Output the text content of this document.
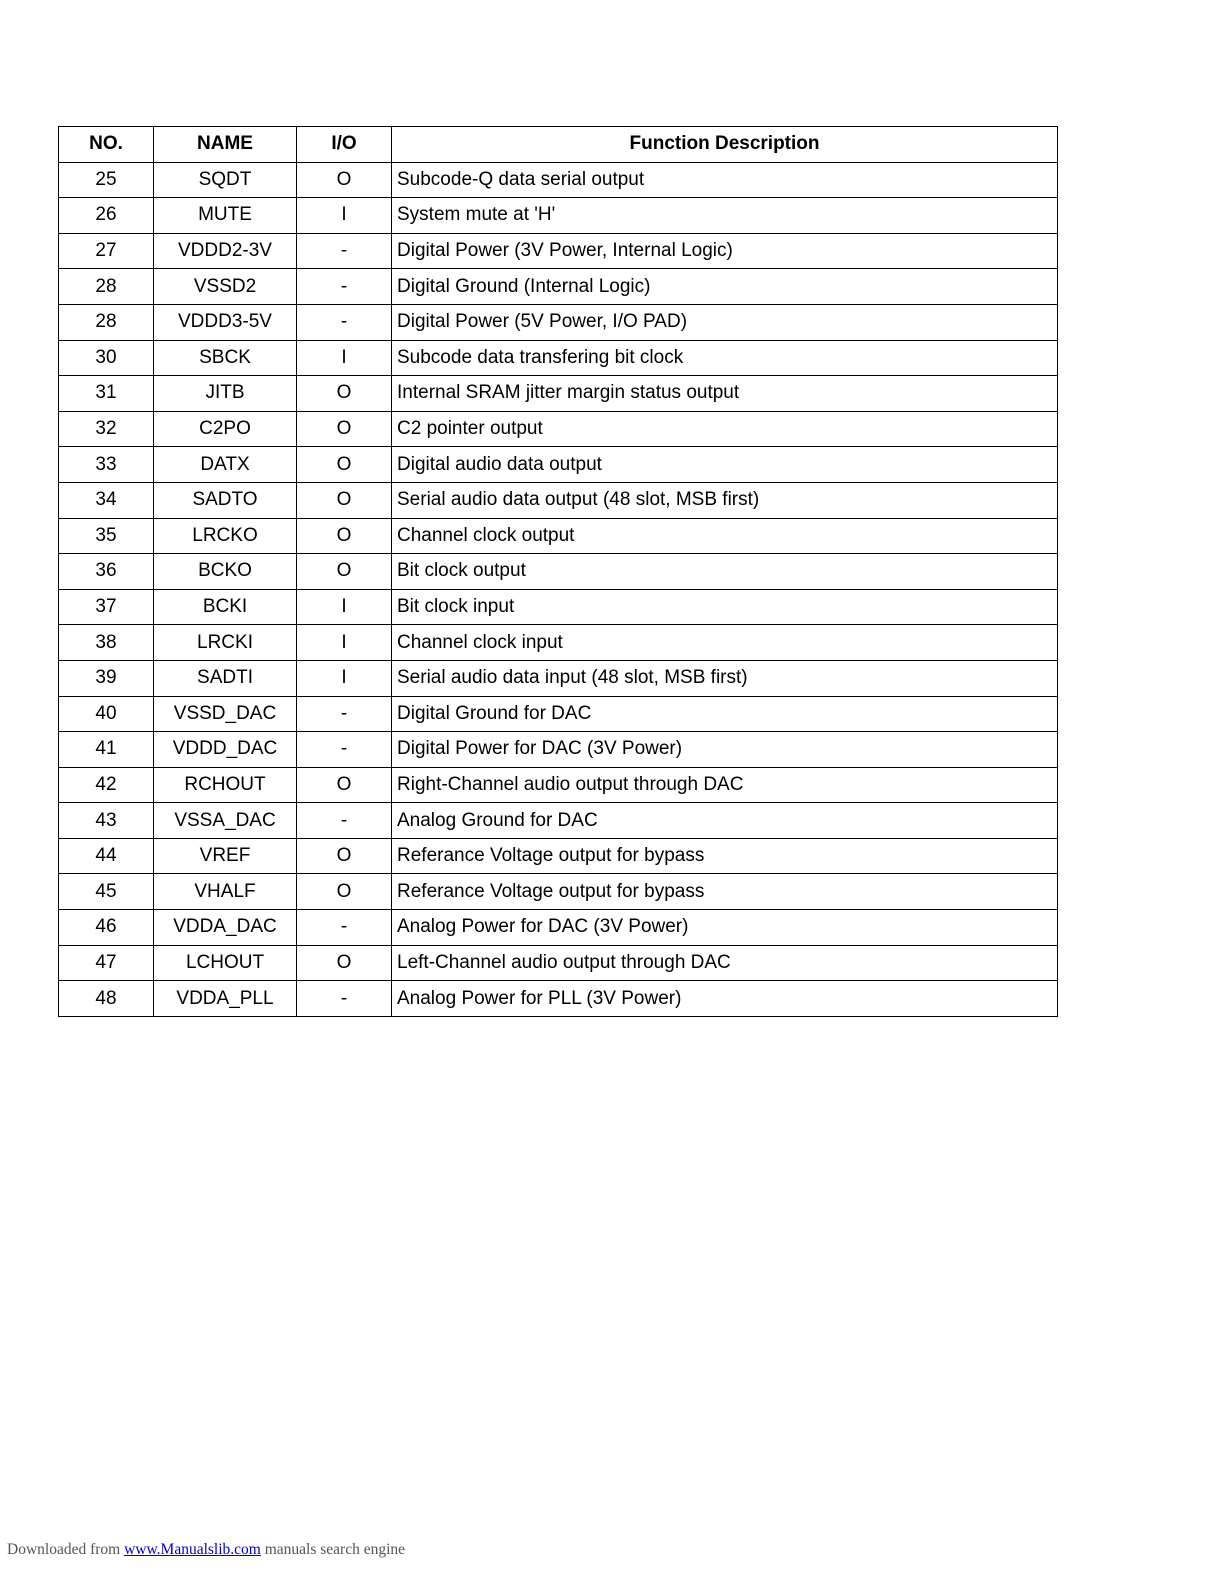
NO.	NAME	I/O	Function Description
25	SQDT	O	Subcode-Q data serial output
26	MUTE	I	System mute at 'H'
27	VDDD2-3V	-	Digital Power (3V Power, Internal Logic)
28	VSSD2	-	Digital Ground (Internal Logic)
28	VDDD3-5V	-	Digital Power (5V Power, I/O PAD)
30	SBCK	I	Subcode data transfering bit clock
31	JITB	O	Internal SRAM jitter margin status output
32	C2PO	O	C2 pointer output
33	DATX	O	Digital audio data output
34	SADTO	O	Serial audio data output (48 slot, MSB first)
35	LRCKO	O	Channel clock output
36	BCKO	O	Bit clock output
37	BCKI	I	Bit clock input
38	LRCKI	I	Channel clock input
39	SADTI	I	Serial audio data input (48 slot, MSB first)
40	VSSD_DAC	-	Digital Ground for DAC
41	VDDD_DAC	-	Digital Power for DAC (3V Power)
42	RCHOUT	O	Right-Channel audio output through DAC
43	VSSA_DAC	-	Analog Ground for DAC
44	VREF	O	Referance Voltage output for bypass
45	VHALF	O	Referance Voltage output for bypass
46	VDDA_DAC	-	Analog Power for DAC (3V Power)
47	LCHOUT	O	Left-Channel audio output through DAC
48	VDDA_PLL	-	Analog Power for PLL (3V Power)
Downloaded from www.Manualslib.com manuals search engine
